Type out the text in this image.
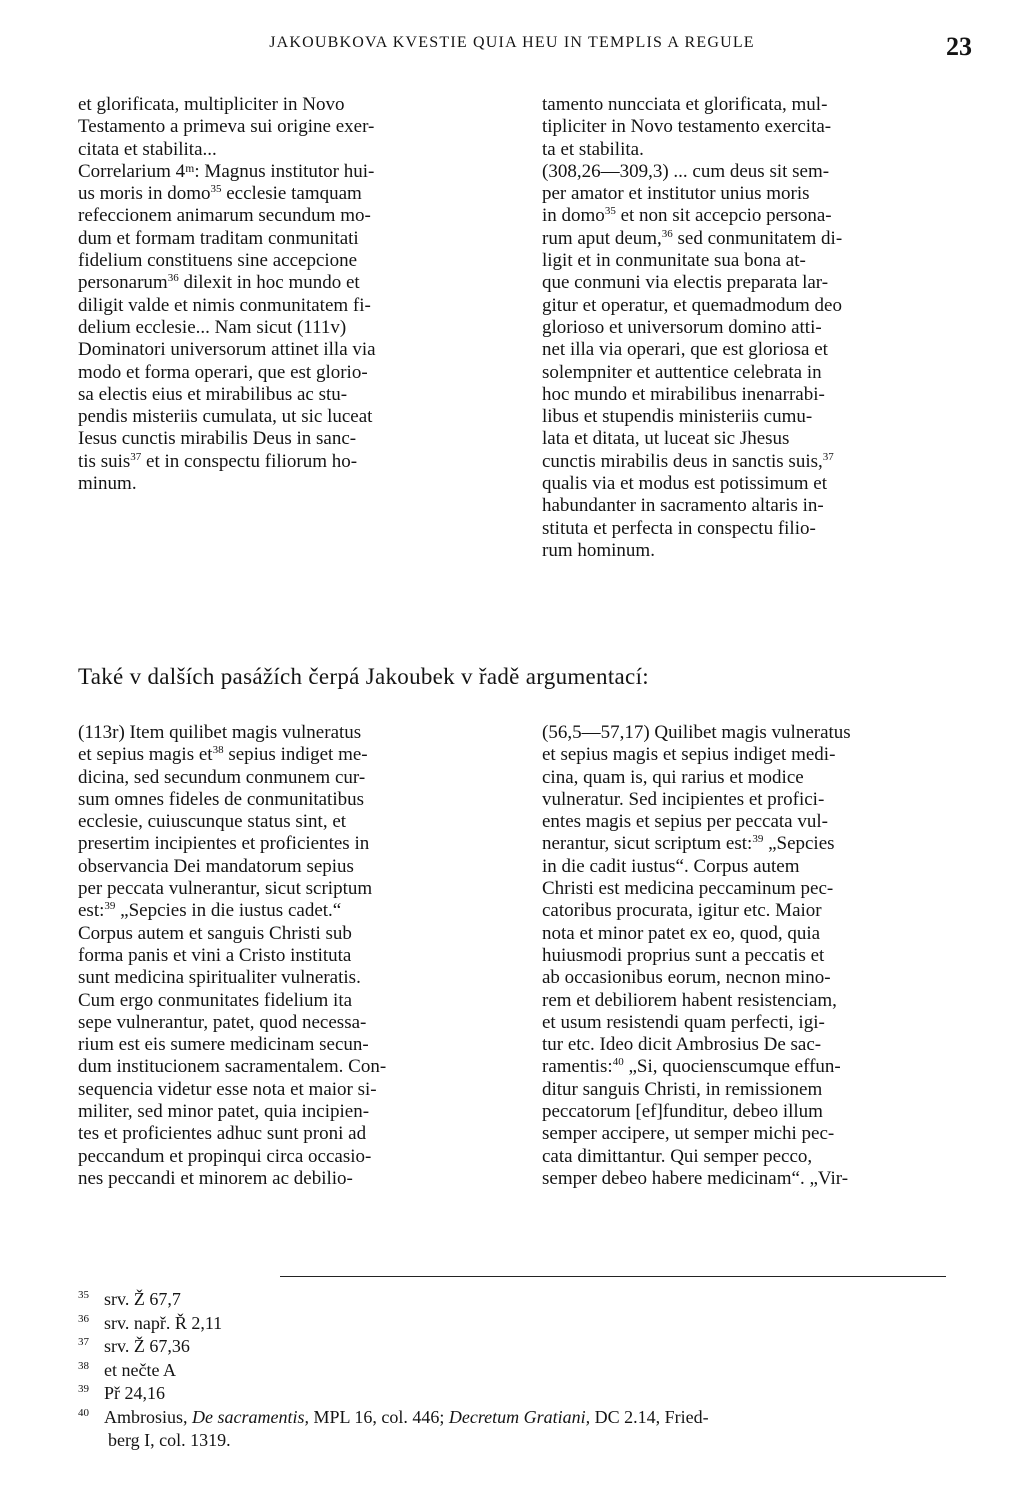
JAKOUBKOVA KVESTIE QUIA HEU IN TEMPLIS A REGULE	23
et glorificata, multipliciter in Novo
Testamento a primeva sui origine exer-
citata et stabilita...
Correlarium 4ᵐ: Magnus institutor hui-
us moris in domo$^{35}$ ecclesie tamquam
refeccionem animarum secundum mo-
dum et formam traditam conmunitati
fidelium constituens sine accepcione
personarum$^{36}$ dilexit in hoc mundo et
diligit valde et nimis conmunitatem fi-
delium ecclesie... Nam sicut (111v)
Dominatori universorum attinet illa via
modo et forma operari, que est glorio-
sa electis eius et mirabilibus ac stu-
pendis misteriis cumulata, ut sic luceat
Iesus cunctis mirabilis Deus in sanc-
tis suis$^{37}$ et in conspectu filiorum ho-
minum.
tamento nuncciata et glorificata, mul-
tipliciter in Novo testamento exercita-
ta et stabilita.
(308,26—309,3) ... cum deus sit sem-
per amator et institutor unius moris
in domo$^{35}$ et non sit accepcio persona-
rum aput deum,$^{36}$ sed conmunitatem di-
ligit et in conmunitate sua bona at-
que conmuni via electis preparata lar-
gitur et operatur, et quemadmodum deo
glorioso et universorum domino atti-
net illa via operari, que est gloriosa et
solempniter et auttentice celebrata in
hoc mundo et mirabilibus inenarrabi-
libus et stupendis ministeriis cumu-
lata et ditata, ut luceat sic Jhesus
cunctis mirabilis deus in sanctis suis,$^{37}$
qualis via et modus est potissimum et
habundanter in sacramento altaris in-
stituta et perfecta in conspectu filio-
rum hominum.
Také v dalších pasážích čerpá Jakoubek v řadě argumentací:
(113r) Item quilibet magis vulneratus
et sepius magis $et^{38}$ sepius indiget me-
dicina, sed secundum conmunem cur-
sum omnes fideles de conmunitatibus
ecclesie, cuiuscunque status sint, et
presertim incipientes et proficientes in
observancia Dei mandatorum sepius
per peccata vulnerantur, sicut scriptum
est:$^{39}$ „Sepcies in die iustus cadet.“
Corpus autem et sanguis Christi sub
forma panis et vini a Cristo instituta
sunt medicina spiritualiter vulneratis.
Cum ergo conmunitates fidelium ita
sepe vulnerantur, patet, quod necessa-
rium est eis sumere medicinam secun-
dum institucionem sacramentalem. Con-
sequencia videtur esse nota et maior si-
militer, sed minor patet, quia incipien-
tes et proficientes adhuc sunt proni ad
peccandum et propinqui circa occasio-
nes peccandi et minorem ac debilio-
(56,5—57,17) Quilibet magis vulneratus
et sepius magis et sepius indiget medi-
cina, quam is, qui rarius et modice
vulneratur. Sed incipientes et profici-
entes magis et sepius per peccata vul-
nerantur, sicut scriptum est:$^{39}$ „Sepcies
in die cadit iustus“. Corpus autem
Christi est medicina peccaminum pec-
catoribus procurata, igitur etc. Maior
nota et minor patet ex eo, quod, quia
huiusmodi proprius sunt a peccatis et
ab occasionibus eorum, necnon mino-
rem et debiliorem habent resistenciam,
et usum resistendi quam perfecti, igi-
tur etc. Ideo dicit Ambrosius De sac-
ramentis:$^{40}$ „Si, quocienscumque effun-
ditur sanguis Christi, in remissionem
peccatorum [ef]funditur, debeo illum
semper accipere, ut semper michi pec-
cata dimittantur. Qui semper pecco,
semper debeo habere medicinam“. „Vir-
35 srv. Ž 67,7
36 srv. např. Ř 2,11
37 srv. Ž 67,36
38 et nečte A
39 Př 24,16
40 Ambrosius, De sacramentis, MPL 16, col. 446; Decretum Gratiani, DC 2.14, Fried-
berg I, col. 1319.
